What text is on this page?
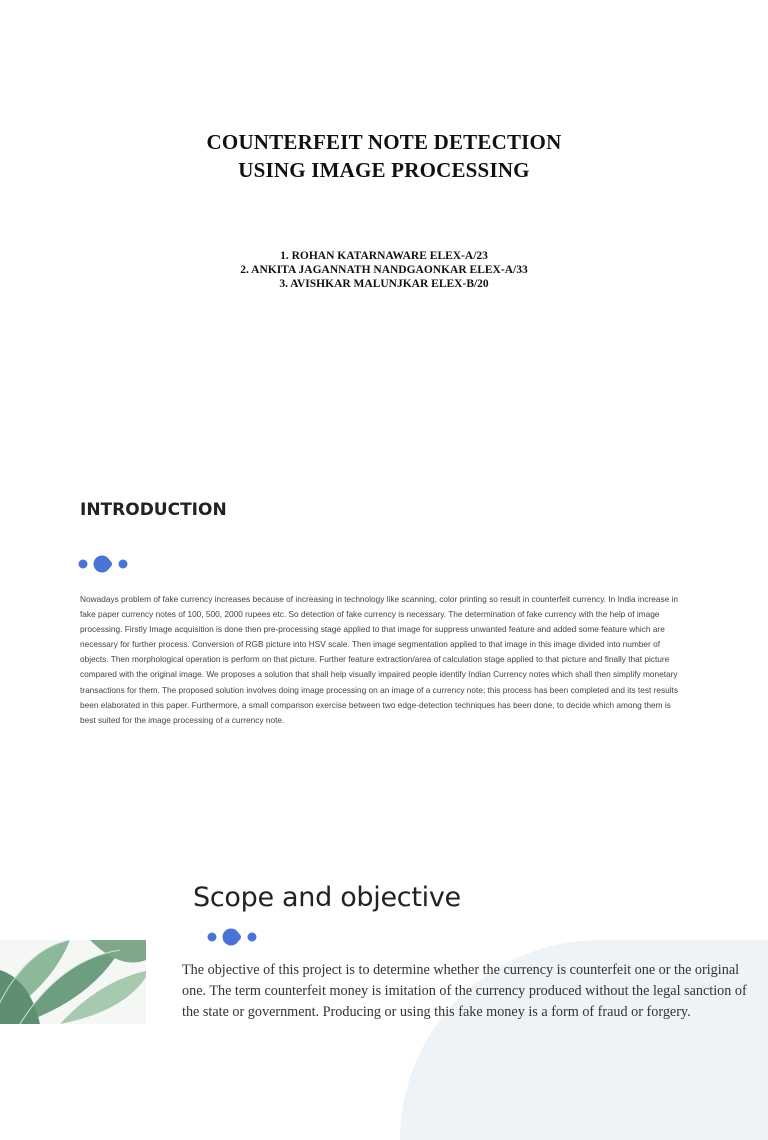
COUNTERFEIT NOTE DETECTION
USING IMAGE PROCESSING
1. ROHAN KATARNAWARE ELEX-A/23
2. ANKITA JAGANNATH NANDGAONKAR ELEX-A/33
3. AVISHKAR MALUNJKAR ELEX-B/20
INTRODUCTION

Nowadays problem of fake currency increases because of increasing in technology like scanning, color printing so result in counterfeit currency. In India increase in fake paper currency notes of 100, 500, 2000 rupees etc. So detection of fake currency is necessary. The determination of fake currency with the help of image processing. Firstly Image acquisition is done then pre-processing stage applied to that image for suppress unwanted feature and added some feature which are necessary for further process. Conversion of RGB picture into HSV scale. Then image segmentation applied to that image in this image divided into number of objects. Then morphological operation is perform on that picture. Further feature extraction/area of calculation stage applied to that picture and finally that picture compared with the original image. We proposes a solution that shall help visually impaired people identify Indian Currency notes which shall then simplify monetary transactions for them. The proposed solution involves doing image processing on an image of a currency note; this process has been completed and its test results been elaborated in this paper. Furthermore, a small comparison exercise between two edge-detection techniques has been done, to decide which among them is best suited for the image processing of a currency note.

Scope and objective

The objective of this project is to determine whether the currency is counterfeit one or the original one. The term counterfeit money is imitation of the currency produced without the legal sanction of the state or government. Producing or using this fake money is a form of fraud or forgery.
